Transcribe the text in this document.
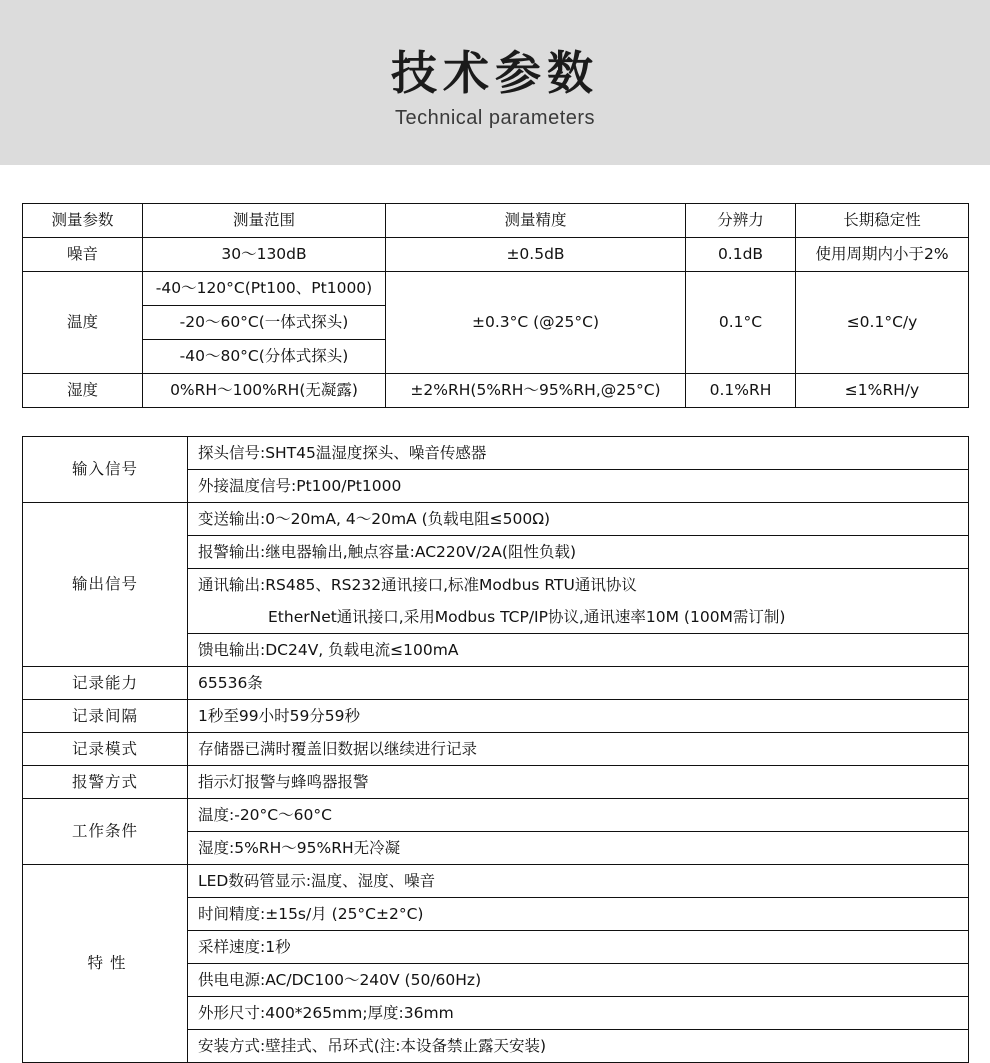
技术参数
Technical parameters
测量参数	测量范围	测量精度	分辨力	长期稳定性
噪音	30～130dB	±0.5dB	0.1dB	使用周期内小于2%
温度	-40～120°C(Pt100、Pt1000)	±0.3°C (@25°C)	0.1°C	≤0.1°C/y
	-20～60°C(一体式探头)			
	-40～80°C(分体式探头)			
湿度	0%RH～100%RH(无凝露)	±2%RH(5%RH～95%RH,@25°C)	0.1%RH	≤1%RH/y
输入信号	探头信号:SHT45温湿度探头、噪音传感器
	外接温度信号:Pt100/Pt1000
输出信号	变送输出:0～20mA, 4～20mA (负载电阻≤500Ω)
	报警输出:继电器输出,触点容量:AC220V/2A(阻性负载)
	通讯输出:RS485、RS232通讯接口,标准Modbus RTU通讯协议
	EtherNet通讯接口,采用Modbus TCP/IP协议,通讯速率10M (100M需订制)
	馈电输出:DC24V, 负载电流≤100mA
记录能力	65536条
记录间隔	1秒至99小时59分59秒
记录模式	存储器已满时覆盖旧数据以继续进行记录
报警方式	指示灯报警与蜂鸣器报警
工作条件	温度:-20°C～60°C
	湿度:5%RH～95%RH无冷凝
特 性	LED数码管显示:温度、湿度、噪音
	时间精度:±15s/月 (25°C±2°C)
	采样速度:1秒
	供电电源:AC/DC100～240V (50/60Hz)
	外形尺寸:400*265mm;厚度:36mm
	安装方式:壁挂式、吊环式(注:本设备禁止露天安装)
